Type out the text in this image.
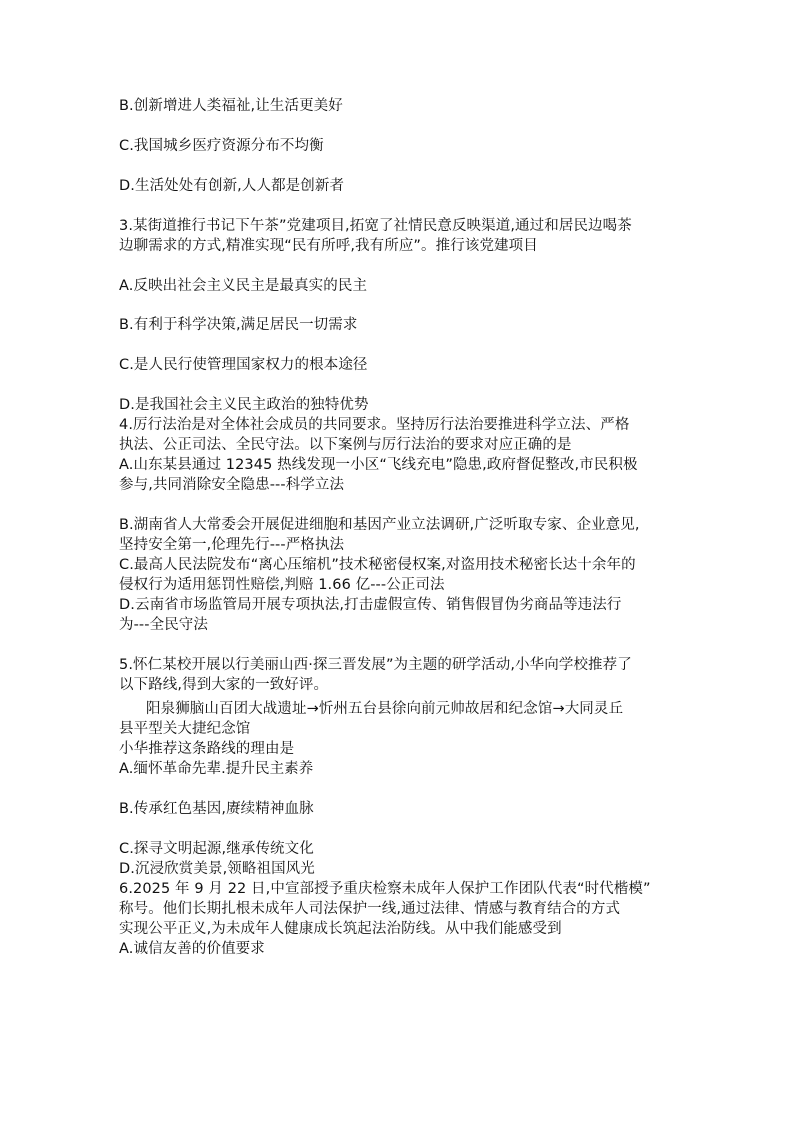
B.创新增进人类福祉,让生活更美好
C.我国城乡医疗资源分布不均衡
D.生活处处有创新,人人都是创新者
3.某街道推行书记下午茶”党建项目,拓宽了社情民意反映渠道,通过和居民边喝茶
边聊需求的方式,精准实现“民有所呼,我有所应”。推行该党建项目
A.反映出社会主义民主是最真实的民主
B.有利于科学决策,满足居民一切需求
C.是人民行使管理国家权力的根本途径
D.是我国社会主义民主政治的独特优势
4.厉行法治是对全体社会成员的共同要求。坚持厉行法治要推进科学立法、严格
执法、公正司法、全民守法。以下案例与厉行法治的要求对应正确的是
A.山东某县通过 12345 热线发现一小区“飞线充电”隐患,政府督促整改,市民积极
参与,共同消除安全隐患---科学立法
B.湖南省人大常委会开展促进细胞和基因产业立法调研,广泛听取专家、企业意见,
坚持安全第一,伦理先行---严格执法
C.最高人民法院发布“离心压缩机”技术秘密侵权案,对盗用技术秘密长达十余年的
侵权行为适用惩罚性赔偿,判赔 1.66 亿---公正司法
D.云南省市场监管局开展专项执法,打击虚假宣传、销售假冒伪劣商品等违法行
为---全民守法
5.怀仁某校开展以行美丽山西·探三晋发展”为主题的研学活动,小华向学校推荐了
以下路线,得到大家的一致好评。
阳泉狮脑山百团大战遗址→忻州五台县徐向前元帅故居和纪念馆→大同灵丘
县平型关大捷纪念馆
小华推荐这条路线的理由是
A.缅怀革命先辈.提升民主素养
B.传承红色基因,赓续精神血脉
C.探寻文明起源,继承传统文化
D.沉浸欣赏美景,领略祖国风光
6.2025 年 9 月 22 日,中宣部授予重庆检察未成年人保护工作团队代表“时代楷模”
称号。他们长期扎根未成年人司法保护一线,通过法律、情感与教育结合的方式
实现公平正义,为未成年人健康成长筑起法治防线。从中我们能感受到
A.诚信友善的价值要求
